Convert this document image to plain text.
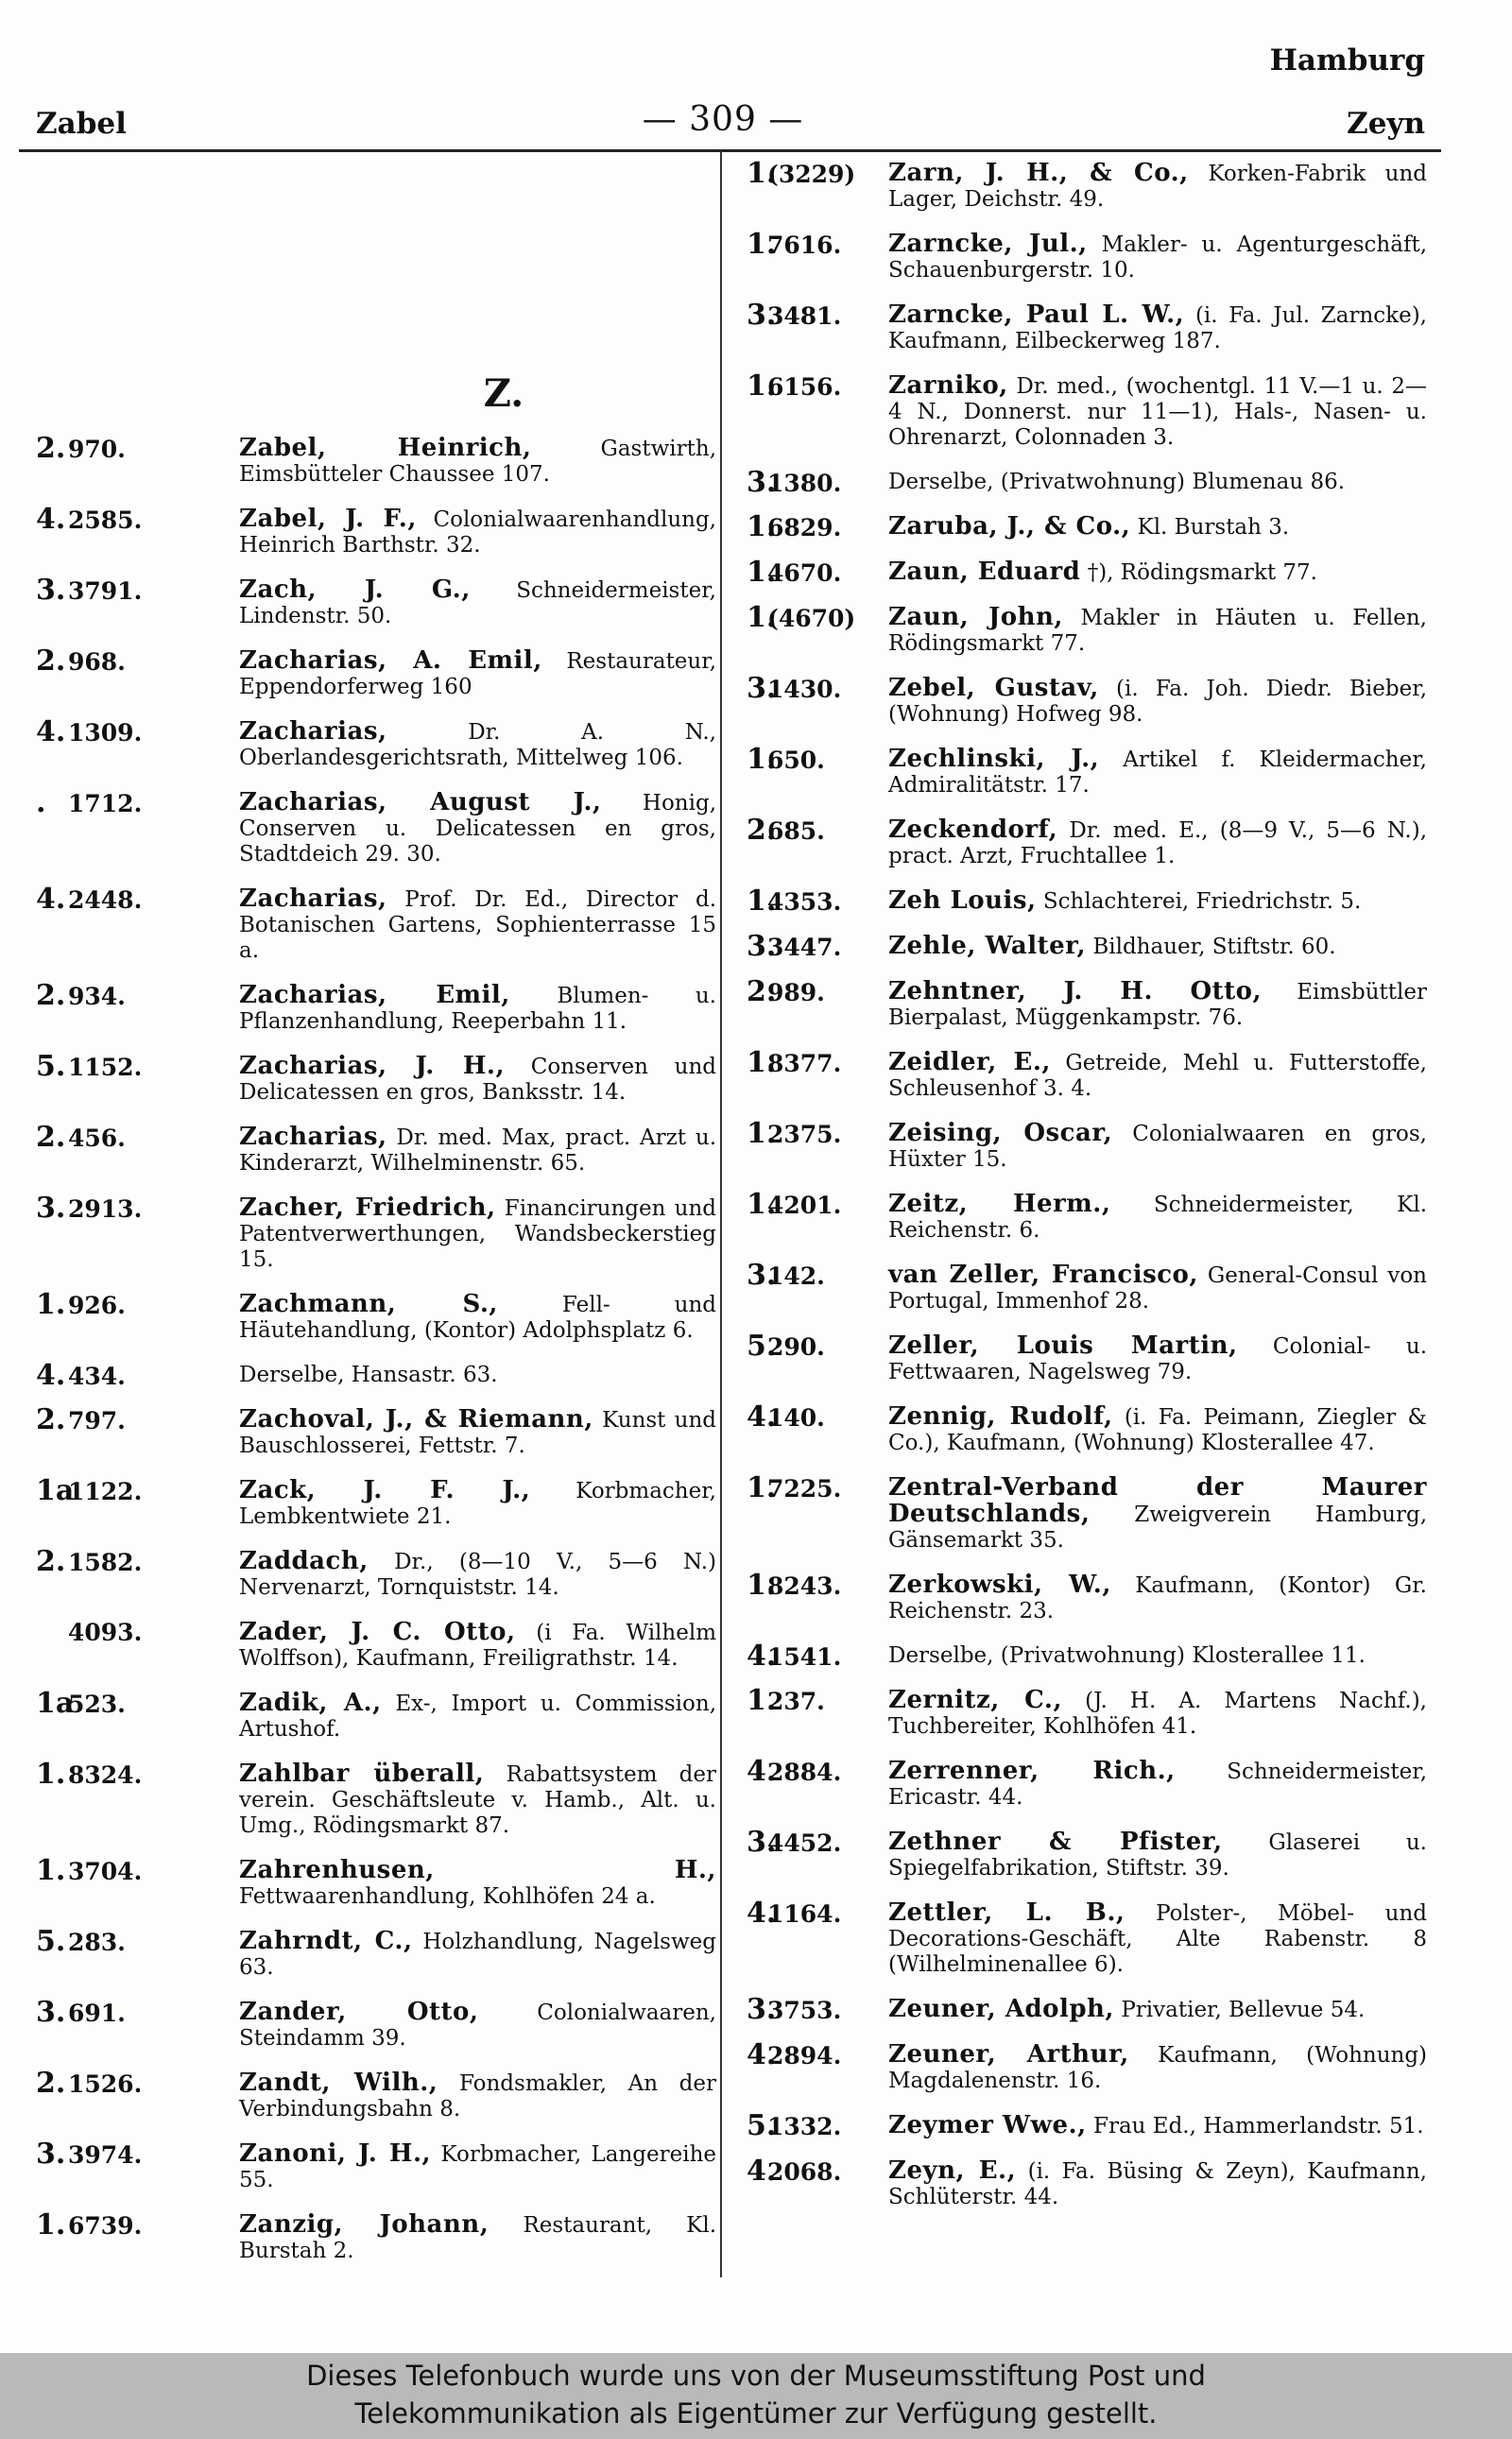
Hamburg
Zabel	— 309 —	Zeyn
Z.
2. 970.	Zabel, Heinrich,	Gastwirth, Eimsbütteler Chaussee 107.
4. 2585.	Zabel, J. F., Colonialwaarenhandlung, Heinrich Barthstr. 32.
3. 3791.	Zach, J. G., Schneidermeister, Lindenstr. 50.
2. 968.	Zacharias, A. Emil, Restaurateur, Eppendorferweg 160
4. 1309.	Zacharias,	Dr. A. N., Oberlandesgerichtsrath, Mittelweg 106.
. 1712.	Zacharias, August J., Honig, Conserven u. Delicatessen en gros, Stadtdeich 29. 30.
4. 2448.	Zacharias, Prof. Dr. Ed., Director d. Botanischen Gartens, Sophienterrasse 15 a.
2. 934.	Zacharias, Emil, Blumen- u. Pflanzenhandlung, Reeperbahn 11.
5. 1152.	Zacharias, J. H., Conserven und Delicatessen en gros, Banksstr. 14.
2. 456.	Zacharias, Dr. med. Max, pract. Arzt u. Kinderarzt, Wilhelminenstr. 65.
3. 2913.	Zacher, Friedrich, Financirungen und Patentverwerthungen, Wandsbeckerstieg 15.
1. 926.	Zachmann, S.,	Fell- und Häutehandlung, (Kontor) Adolphsplatz 6.
4. 434.	Derselbe, Hansastr. 63.
2. 797.	Zachoval, J., & Riemann, Kunst und Bauschlosserei, Fettstr. 7.
1a1122.	Zack, J. F. J., Korbmacher, Lembkentwiete 21.
2. 1582.	Zaddach, Dr., (8—10 V., 5—6 N.) Nervenarzt, Tornquiststr. 14.
4093.	Zader, J. C. Otto, (i Fa. Wilhelm Wolffson), Kaufmann, Freiligrathstr. 14.
1a523.	Zadik, A., Ex-, Import u. Commission, Artushof.
1. 8324.	Zahlbar überall, Rabattsystem der verein. Geschäftsleute v. Hamb., Alt. u. Umg., Rödingsmarkt 87.
1. 3704.	Zahrenhusen, H., Fettwaarenhandlung, Kohlhöfen 24 a.
5. 283.	Zahrndt, C., Holzhandlung, Nagelsweg 63.
3. 691.	Zander, Otto,	Colonialwaaren, Steindamm 39.
2. 1526.	Zandt, Wilh., Fondsmakler, An der Verbindungsbahn 8.
3. 3974.	Zanoni, J. H., Korbmacher, Langereihe 55.
1. 6739.	Zanzig, Johann, Restaurant, Kl. Burstah 2.
1.(3229) Zarn, J. H., & Co., Korken-Fabrik und Lager, Deichstr. 49.
1.7616. Zarncke, Jul., Makler- u. Agenturgeschäft, Schauenburgerstr. 10.
3.3481. Zarncke, Paul L. W., (i. Fa. Jul. Zarncke), Kaufmann, Eilbeckerweg 187.
1.6156. Zarniko, Dr. med., (wochentgl. 11 V.—1 u. 2—4 N., Donnerst. nur 11—1), Hals-, Nasen- u. Ohrenarzt, Colonnaden 3.
3.1380. Derselbe, (Privatwohnung) Blumenau 86.
1.6829. Zaruba, J., & Co., Kl. Burstah 3.
1.4670. Zaun, Eduard †), Rödingsmarkt 77.
1.(4670) Zaun, John, Makler in Häuten u. Fellen, Rödingsmarkt 77.
3.1430. Zebel, Gustav, (i. Fa. Joh. Diedr. Bieber, (Wohnung) Hofweg 98.
1.650.	Zechlinski, J., Artikel f. Kleidermacher, Admiralitätstr. 17.
2.685.	Zeckendorf, Dr. med. E., (8—9 V., 5—6 N.), pract. Arzt, Fruchtallee 1.
1.4353. Zeh Louis, Schlachterei, Friedrichstr. 5.
3.3447. Zehle, Walter, Bildhauer, Stiftstr. 60.
2.989.	Zehntner, J. H. Otto, Eimsbüttler Bierpalast, Müggenkampstr. 76.
1.8377. Zeidler, E., Getreide, Mehl u. Futterstoffe, Schleusenhof 3. 4.
1.2375. Zeising, Oscar, Colonialwaaren en gros, Hüxter 15.
1.4201. Zeitz, Herm., Schneidermeister, Kl. Reichenstr. 6.
3.142.	van Zeller, Francisco, General-Consul von Portugal, Immenhof 28.
5.290.	Zeller, Louis Martin, Colonial- u. Fettwaaren, Nagelsweg 79.
4.140.	Zennig, Rudolf, (i. Fa. Peimann, Ziegler & Co.), Kaufmann, (Wohnung) Klosterallee 47.
1.7225. Zentral-Verband der Maurer Deutschlands, Zweigverein Hamburg, Gänsemarkt 35.
1.8243. Zerkowski, W., Kaufmann, (Kontor) Gr. Reichenstr. 23.
4.1541. Derselbe, (Privatwohnung) Klosterallee 11.
1.237.	Zernitz, C., (J. H. A. Martens Nachf.), Tuchbereiter, Kohlhöfen 41.
4.2884. Zerrenner, Rich., Schneidermeister, Ericastr. 44.
3.4452. Zethner & Pfister, Glaserei u. Spiegelfabrikation, Stiftstr. 39.
4.1164. Zettler, L. B., Polster-, Möbel- und Decorations-Geschäft, Alte Rabenstr. 8 (Wilhelminenallee 6).
3.3753. Zeuner, Adolph, Privatier, Bellevue 54.
4.2894. Zeuner, Arthur, Kaufmann, (Wohnung) Magdalenenstr. 16.
5.1332. Zeymer Wwe., Frau Ed., Hammerlandstr. 51.
4.2068. Zeyn, E., (i. Fa. Büsing & Zeyn), Kaufmann, Schlüterstr. 44.
Dieses Telefonbuch wurde uns von der Museumsstiftung Post und
Telekommunikation als Eigentümer zur Verfügung gestellt.
